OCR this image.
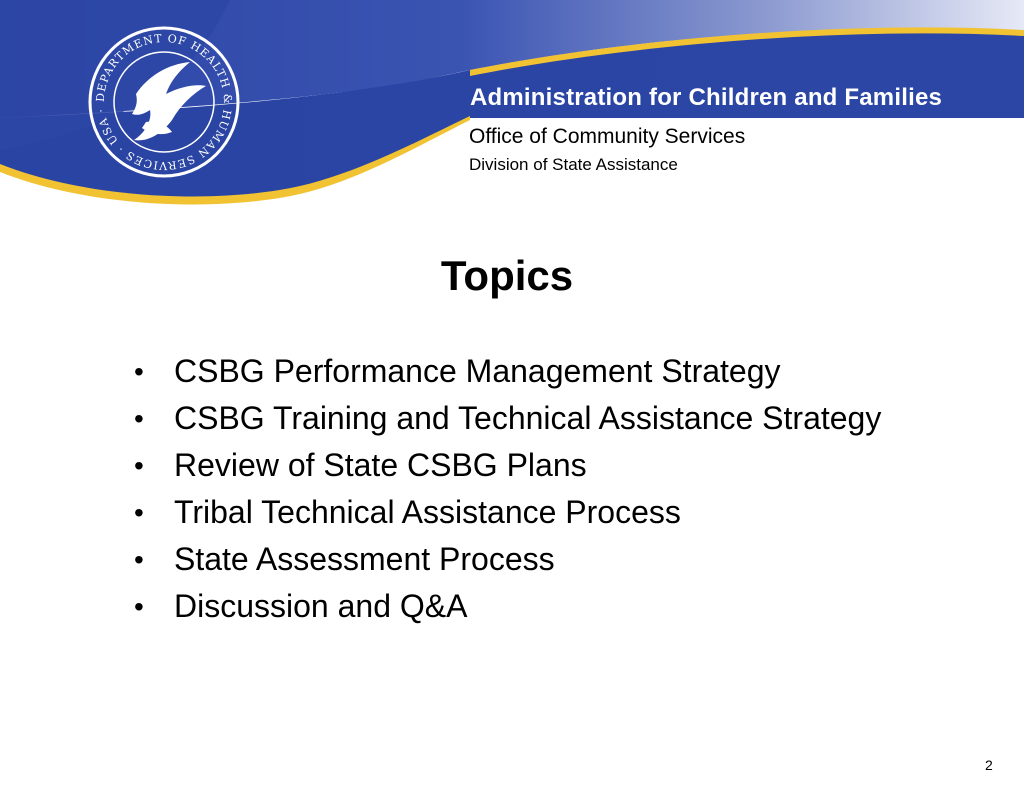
DEPARTMENT OF HEALTH & HUMAN SERVICES · USA ·	Administration for Children and Families
Office of Community Services
Division of State Assistance
Topics
• CSBG Performance Management Strategy
• CSBG Training and Technical Assistance Strategy
• Review of State CSBG Plans
• Tribal Technical Assistance Process
• State Assessment Process
• Discussion and Q&A
2
